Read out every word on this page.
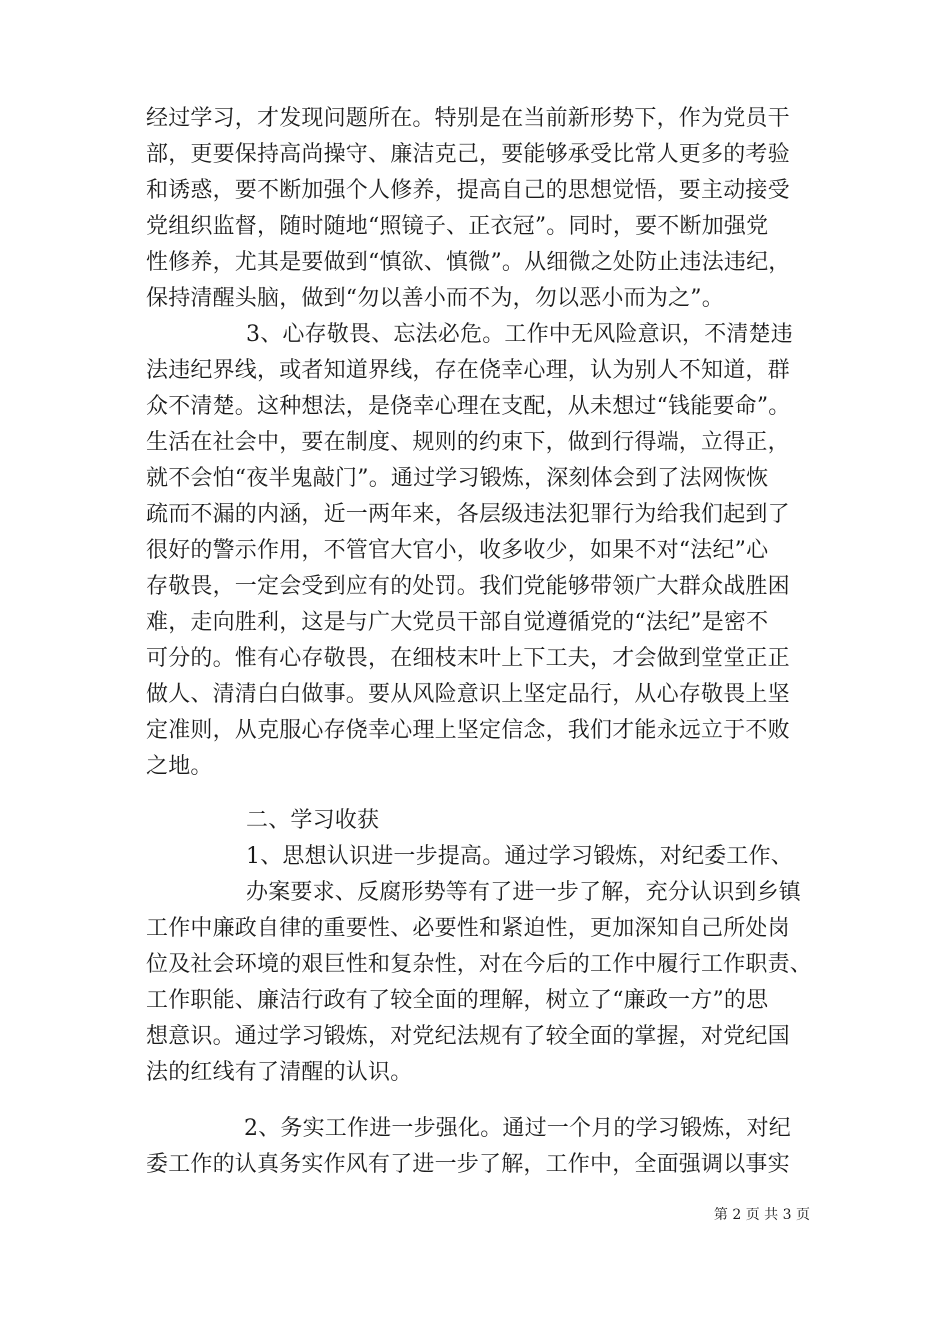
经过学习，才发现问题所在。特别是在当前新形势下，作为党员干
部，更要保持高尚操守、廉洁克己，要能够承受比常人更多的考验
和诱惑，要不断加强个人修养，提高自己的思想觉悟，要主动接受
党组织监督，随时随地“照镜子、正衣冠”。同时，要不断加强党
性修养，尤其是要做到“慎欲、慎微”。从细微之处防止违法违纪，
保持清醒头脑，做到“勿以善小而不为，勿以恶小而为之”。
3、心存敬畏、忘法必危。工作中无风险意识，不清楚违
法违纪界线，或者知道界线，存在侥幸心理，认为别人不知道，群
众不清楚。这种想法，是侥幸心理在支配，从未想过“钱能要命”。
生活在社会中，要在制度、规则的约束下，做到行得端，立得正，
就不会怕“夜半鬼敲门”。通过学习锻炼，深刻体会到了法网恢恢
疏而不漏的内涵，近一两年来，各层级违法犯罪行为给我们起到了
很好的警示作用，不管官大官小，收多收少，如果不对“法纪”心
存敬畏，一定会受到应有的处罚。我们党能够带领广大群众战胜困
难，走向胜利，这是与广大党员干部自觉遵循党的“法纪”是密不
可分的。惟有心存敬畏，在细枝末叶上下工夫，才会做到堂堂正正
做人、清清白白做事。要从风险意识上坚定品行，从心存敬畏上坚
定准则，从克服心存侥幸心理上坚定信念，我们才能永远立于不败
之地。
二、学习收获
1、思想认识进一步提高。通过学习锻炼，对纪委工作、
办案要求、反腐形势等有了进一步了解，充分认识到乡镇
工作中廉政自律的重要性、必要性和紧迫性，更加深知自己所处岗
位及社会环境的艰巨性和复杂性，对在今后的工作中履行工作职责、
工作职能、廉洁行政有了较全面的理解，树立了“廉政一方”的思
想意识。通过学习锻炼，对党纪法规有了较全面的掌握，对党纪国
法的红线有了清醒的认识。
2、务实工作进一步强化。通过一个月的学习锻炼，对纪
委工作的认真务实作风有了进一步了解，工作中，全面强调以事实
第 2 页 共 3 页
